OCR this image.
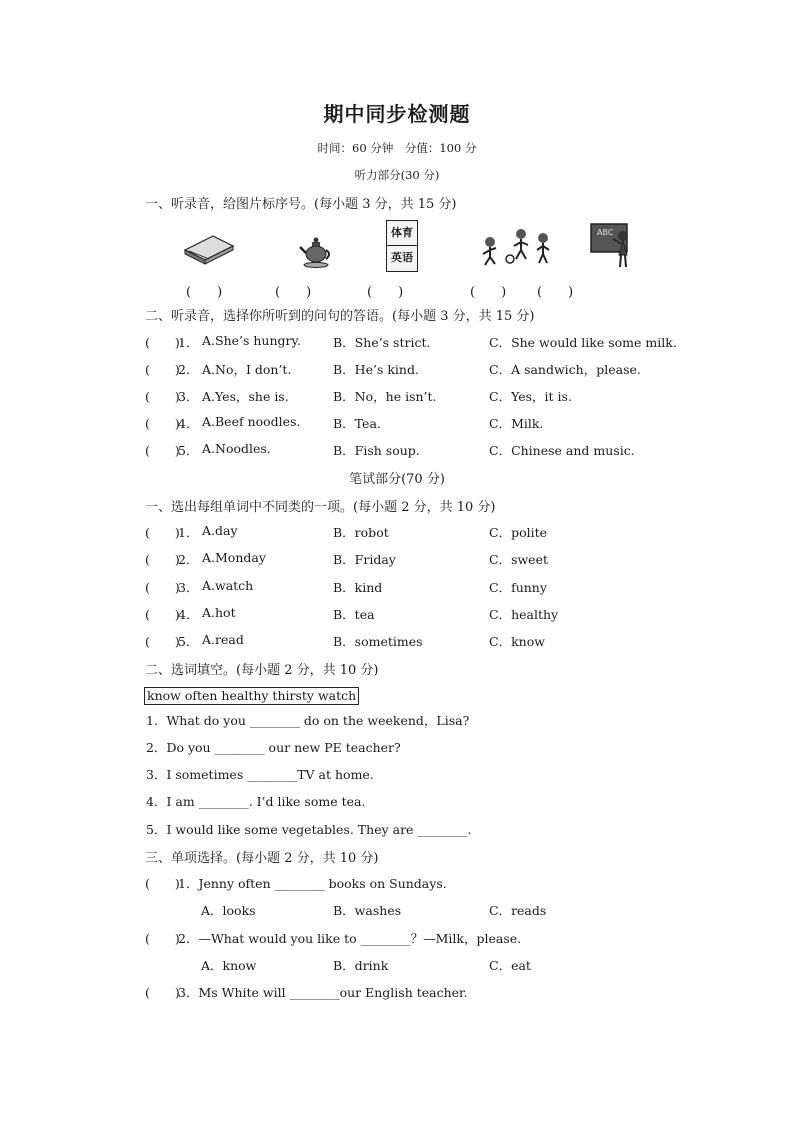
期中同步检测题
时间：60 分钟　分值：100 分
听力部分(30 分)
一、听录音，给图片标序号。(每小题 3 分，共 15 分)
体育
英语
ABC
(　　)	(　　)	(　　)	(　　) (　　)
二、听录音，选择你所听到的问句的答语。(每小题 3 分，共 15 分)
(　　)
1． A.She’s hungry.	B．She’s strict.	C．She would like some milk.
(　　)
2． A.No，I don’t.	B．He’s kind.	C．A sandwich，please.
(　　)
3． A.Yes，she is.	B．No，he isn’t.	C．Yes，it is.
(　　)
4． A.Beef noodles.	B．Tea.	C．Milk.
(　　)
5． A.Noodles.	B．Fish soup.	C．Chinese and music.
笔试部分(70 分)
一、选出每组单词中不同类的一项。(每小题 2 分，共 10 分)
(　　)
1． A.day	B．robot	C．polite
(　　)
2． A.Monday	B．Friday	C．sweet
(　　)
3． A.watch	B．kind	C．funny
(　　)
4． A.hot	B．tea	C．healthy
(　　)
5． A.read	B．sometimes	C．know
二、选词填空。(每小题 2 分，共 10 分)
know often healthy thirsty watch
1．What do you ________ do on the weekend，Lisa?
2．Do you ________ our new PE teacher?
3．I sometimes ________TV at home.
4．I am ________. I’d like some tea.
5．I would like some vegetables. They are ________.
三、单项选择。(每小题 2 分，共 10 分)
(　　)
1．Jenny often ________ books on Sundays.
A．looks	B．washes	C．reads
(　　)
2．—What would you like to ________？—Milk，please.
A．know	B．drink	C．eat
(　　)
3．Ms White will ________our English teacher.
